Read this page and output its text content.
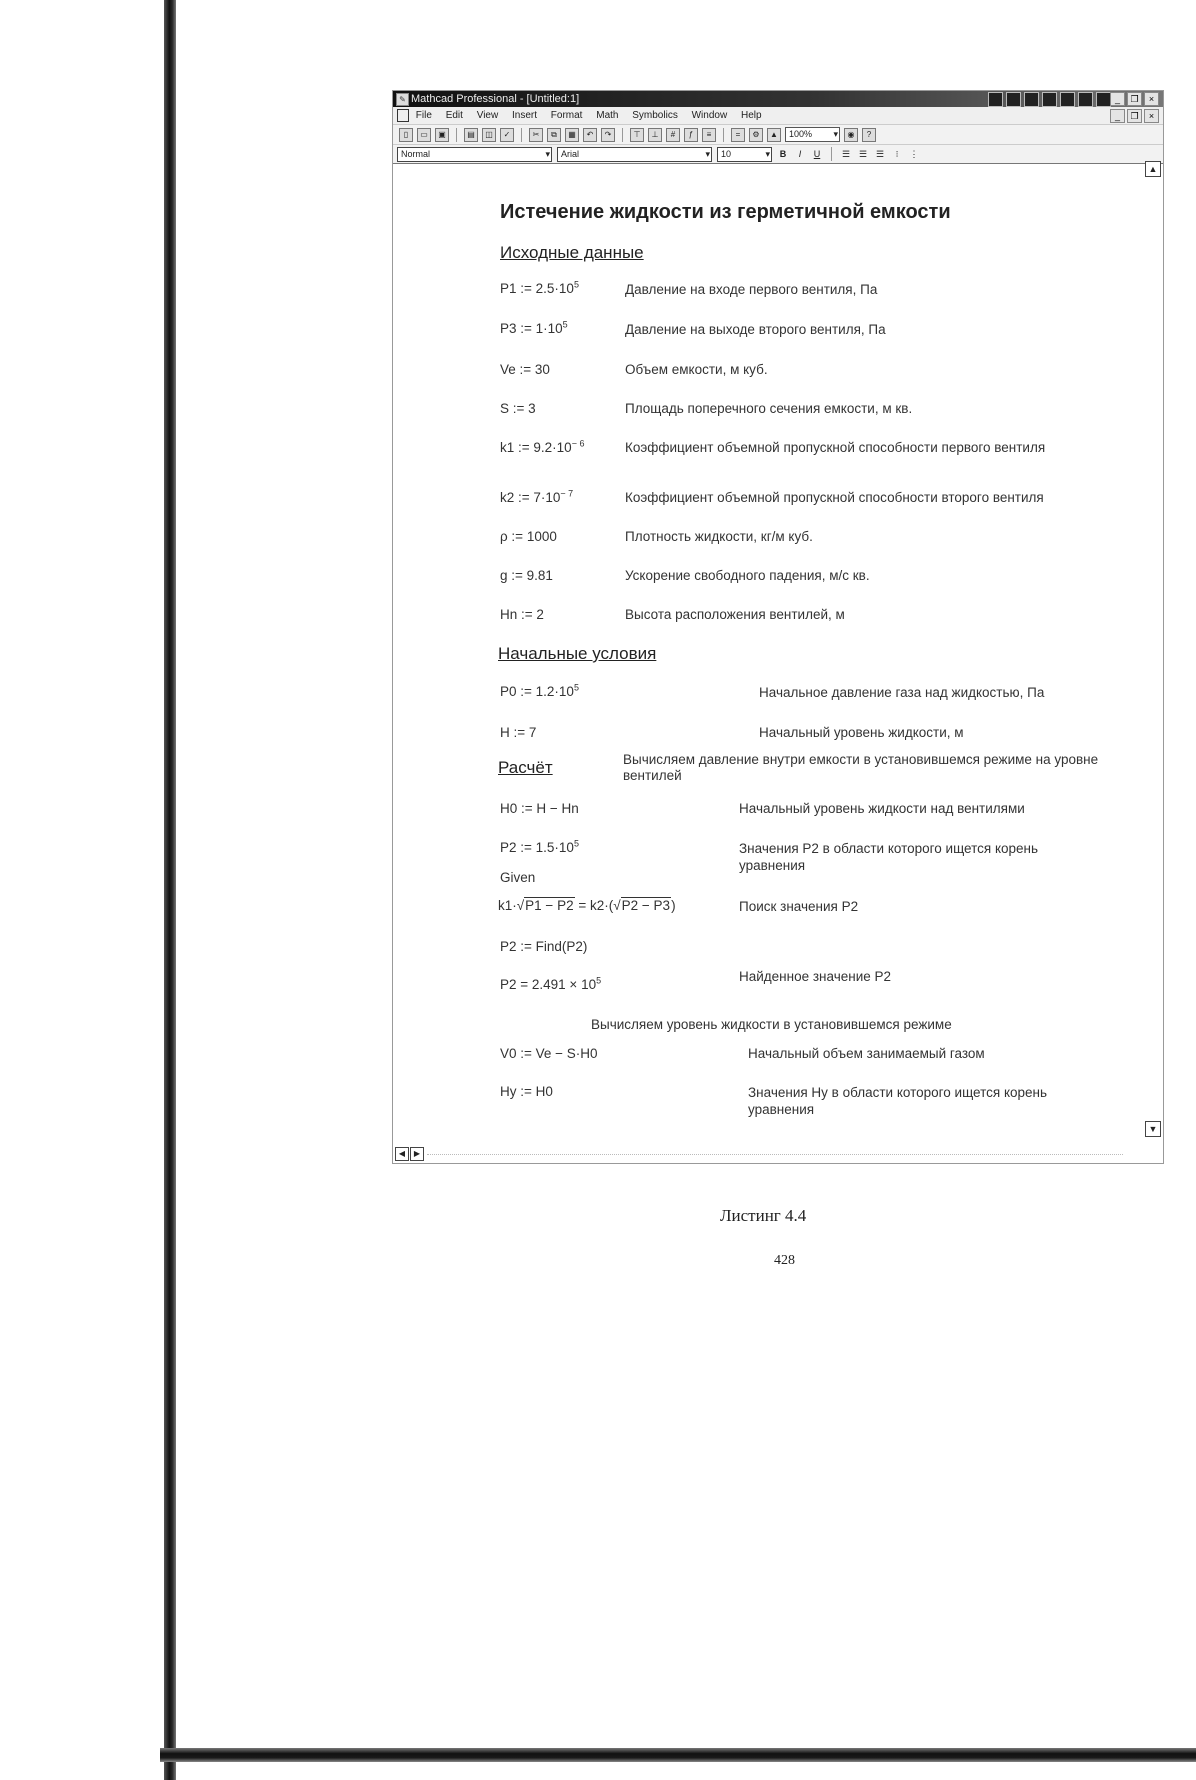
✎ Mathcad Professional - [Untitled:1]	_	❐	×
File Edit View Insert Format Math Symbolics Window Help	_	❐	×
▯	▭	▣	▤	◫	✓	✂	⧉	▦	↶	↷	⊤	⊥	#	ƒ	≡	=	⚙	▲	100% ▾	◉	?
Normal ▾	Arial ▾	10 ▾	B	I	U	☰ ☰ ☰	⁝	⋮
▲
▼
◀	▶
Истечение жидкости из герметичной емкости
Исходные данные
P1 := $2.5\cdot 10^5$	Давление на входе первого вентиля, Па
P3 := $1\cdot 10^5$	Давление на выходе второго вентиля, Па
Ve := 30	Объем емкости, м куб.
S := 3	Площадь поперечного сечения емкости, м кв.
k1 := $9.2\cdot 10^{- 6}$	Коэффициент объемной пропускной способности первого вентиля
k2 := $7\cdot 10^{- 7}$	Коэффициент объемной пропускной способности второго вентиля
ρ := 1000	Плотность жидкости, кг/м куб.
g := 9.81	Ускорение свободного падения, м/с кв.
Hn := 2	Высота расположения вентилей, м
Начальные условия
P0 := $1.2\cdot 10^5$	Начальное давление газа над жидкостью, Па
H := 7	Начальный уровень жидкости, м
Расчёт	Вычисляем давление внутри емкости в установившемся режиме на уровне вентилей
H0 := H − Hn	Начальный уровень жидкости над вентилями
P2 := $1.5\cdot 10^5$	Значения P2 в области которого ищется корень уравнения
Given
k1·√P1 − P2 = k2·(√P2 − P3)	Поиск значения P2
P2 := Find(P2)
$P2 = 2.491 \times 10^5$	Найденное значение P2
Вычисляем уровень жидкости в установившемся режиме
V0 := Ve − S·H0	Начальный объем занимаемый газом
Hy := H0	Значения Hy в области которого ищется корень уравнения
Листинг 4.4
428
